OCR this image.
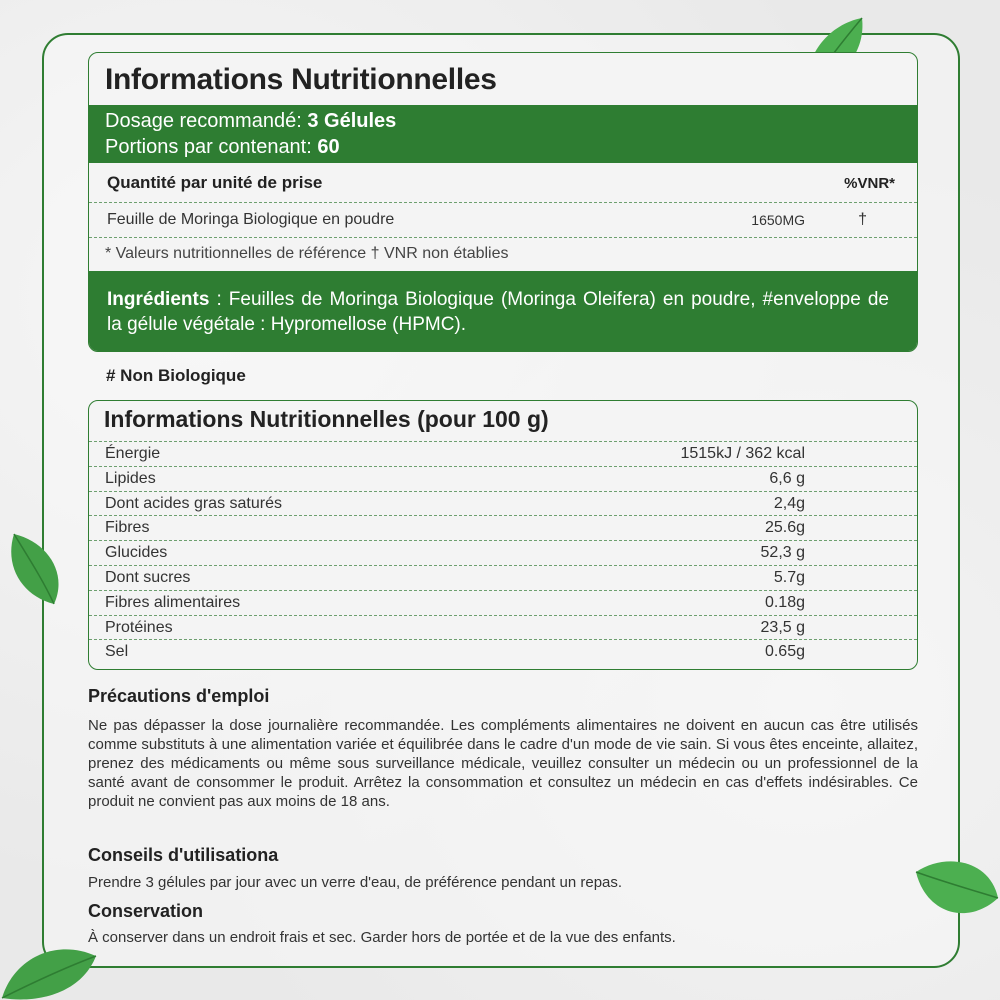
Informations Nutritionnelles
Dosage recommandé: 3 Gélules
Portions par contenant: 60
Quantité par unité de prise	%VNR*
Feuille de Moringa Biologique en poudre	1650MG	†
* Valeurs nutritionnelles de référence † VNR non établies
Ingrédients : Feuilles de Moringa Biologique (Moringa Oleifera) en poudre, #enveloppe de la gélule végétale : Hypromellose (HPMC).
# Non Biologique
Informations Nutritionnelles (pour 100 g)
Énergie	1515kJ / 362 kcal
Lipides	6,6 g
Dont acides gras saturés	2,4g
Fibres	25.6g
Glucides	52,3 g
Dont sucres	5.7g
Fibres alimentaires	0.18g
Protéines	23,5 g
Sel	0.65g
Précautions d'emploi
Ne pas dépasser la dose journalière recommandée. Les compléments alimentaires ne doivent en aucun cas être utilisés comme substituts à une alimentation variée et équilibrée dans le cadre d'un mode de vie sain. Si vous êtes enceinte, allaitez, prenez des médicaments ou même sous surveillance médicale, veuillez consulter un médecin ou un professionnel de la santé avant de consommer le produit. Arrêtez la consommation et consultez un médecin en cas d'effets indésirables. Ce produit ne convient pas aux moins de 18 ans.
Conseils d'utilisationa
Prendre 3 gélules par jour avec un verre d'eau, de préférence pendant un repas.
Conservation
À conserver dans un endroit frais et sec. Garder hors de portée et de la vue des enfants.
